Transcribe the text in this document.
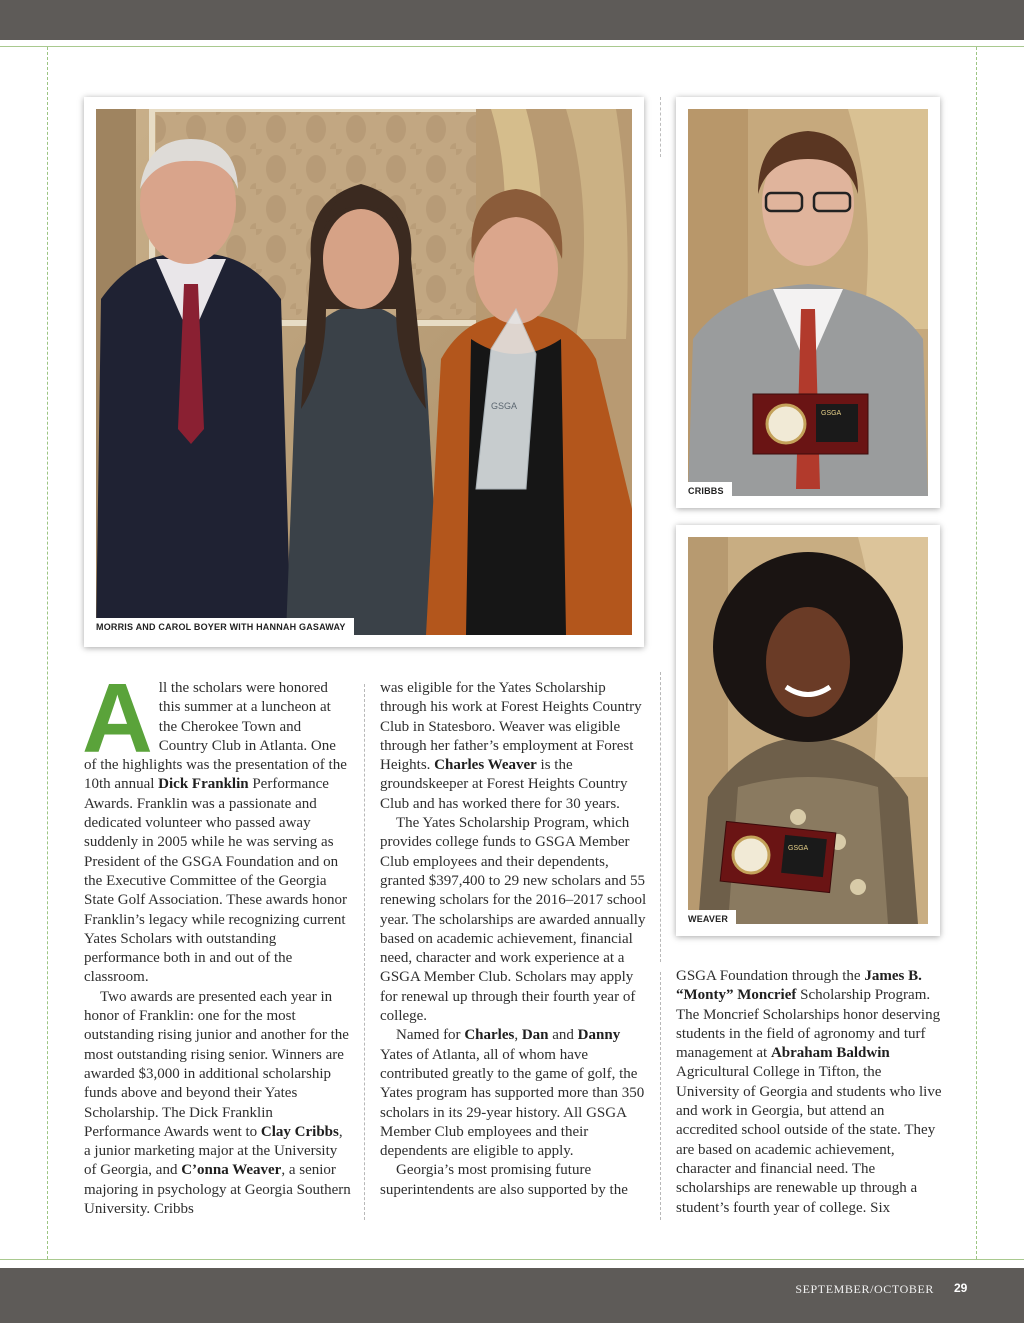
GSGA
MORRIS AND CAROL BOYER WITH HANNAH GASAWAY
GSGA
CRIBBS
GSGA
WEAVER
A ll the scholars were honored this summer at a luncheon at the Cherokee Town and Country Club in Atlanta. One of the highlights was the presentation of the 10th annual Dick Franklin Performance Awards. Franklin was a passionate and dedicated volunteer who passed away suddenly in 2005 while he was serving as President of the GSGA Foundation and on the Executive Committee of the Georgia State Golf Association. These awards honor Franklin’s legacy while recognizing current Yates Scholars with outstanding performance both in and out of the classroom.

Two awards are presented each year in honor of Franklin: one for the most outstanding rising junior and another for the most outstanding rising senior. Winners are awarded $3,000 in additional scholarship funds above and beyond their Yates Scholarship. The Dick Franklin Performance Awards went to Clay Cribbs, a junior marketing major at the University of Georgia, and C’onna Weaver, a senior majoring in psychology at Georgia Southern University. Cribbs

was eligible for the Yates Scholarship through his work at Forest Heights Country Club in Statesboro. Weaver was eligible through her father’s employment at Forest Heights. Charles Weaver is the groundskeeper at Forest Heights Country Club and has worked there for 30 years.

The Yates Scholarship Program, which provides college funds to GSGA Member Club employees and their dependents, granted $397,400 to 29 new scholars and 55 renewing scholars for the 2016–2017 school year. The scholarships are awarded annually based on academic achievement, financial need, character and work experience at a GSGA Member Club. Scholars may apply for renewal up through their fourth year of college.

Named for Charles, Dan and Danny Yates of Atlanta, all of whom have contributed greatly to the game of golf, the Yates program has supported more than 350 scholars in its 29-year history. All GSGA Member Club employees and their dependents are eligible to apply.

Georgia’s most promising future superintendents are also supported by the

GSGA Foundation through the James B. “Monty” Moncrief Scholarship Program. The Moncrief Scholarships honor deserving students in the field of agronomy and turf management at Abraham Baldwin Agricultural College in Tifton, the University of Georgia and students who live and work in Georgia, but attend an accredited school outside of the state. They are based on academic achievement, character and financial need. The scholarships are renewable up through a student’s fourth year of college. Six

SEPTEMBER/OCTOBER 29
